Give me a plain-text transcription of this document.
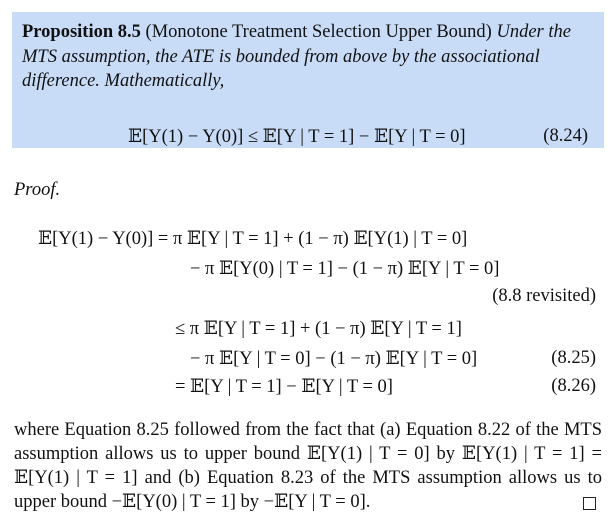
Proposition 8.5 (Monotone Treatment Selection Upper Bound) Under the MTS assumption, the ATE is bounded from above by the associational difference. Mathematically,
𝔼[Y(1) − Y(0)] ≤ 𝔼[Y | T = 1] − 𝔼[Y | T = 0]	(8.24)
Proof.
𝔼[Y(1) − Y(0)] = π 𝔼[Y | T = 1] + (1 − π) 𝔼[Y(1) | T = 0]
− π 𝔼[Y(0) | T = 1] − (1 − π) 𝔼[Y | T = 0]
(8.8 revisited)
≤ π 𝔼[Y | T = 1] + (1 − π) 𝔼[Y | T = 1]
− π 𝔼[Y | T = 0] − (1 − π) 𝔼[Y | T = 0]	(8.25)
= 𝔼[Y | T = 1] − 𝔼[Y | T = 0]	(8.26)
where Equation 8.25 followed from the fact that (a) Equation 8.22 of the MTS assumption allows us to upper bound 𝔼[Y(1) | T = 0] by 𝔼[Y(1) | T = 1] = 𝔼[Y(1) | T = 1] and (b) Equation 8.23 of the MTS assumption allows us to upper bound −𝔼[Y(0) | T = 1] by −𝔼[Y | T = 0].
